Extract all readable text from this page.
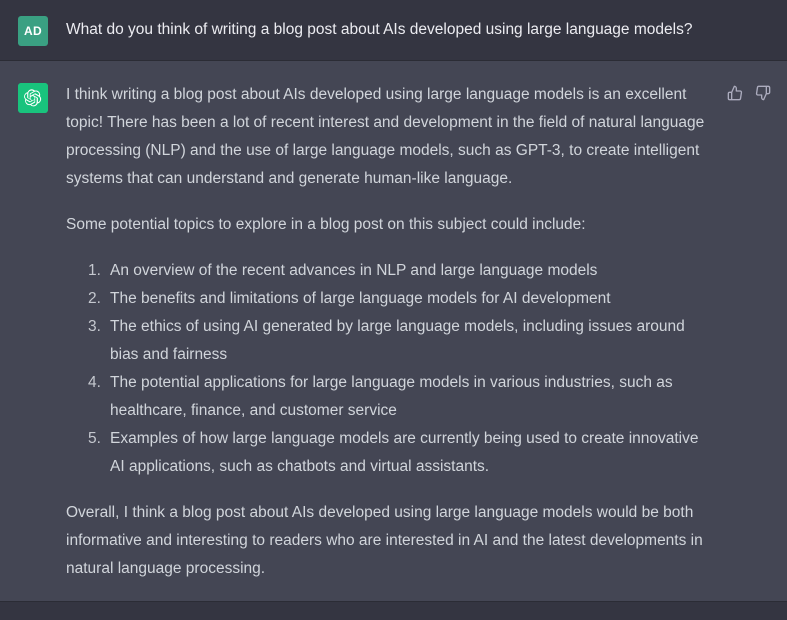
AD What do you think of writing a blog post about AIs developed using large language models?

I think writing a blog post about AIs developed using large language models is an excellent topic! There has been a lot of recent interest and development in the field of natural language processing (NLP) and the use of large language models, such as GPT-3, to create intelligent systems that can understand and generate human-like language.

Some potential topics to explore in a blog post on this subject could include:

An overview of the recent advances in NLP and large language models
The benefits and limitations of large language models for AI development
The ethics of using AI generated by large language models, including issues around bias and fairness
The potential applications for large language models in various industries, such as healthcare, finance, and customer service
Examples of how large language models are currently being used to create innovative AI applications, such as chatbots and virtual assistants.

Overall, I think a blog post about AIs developed using large language models would be both informative and interesting to readers who are interested in AI and the latest developments in natural language processing.
